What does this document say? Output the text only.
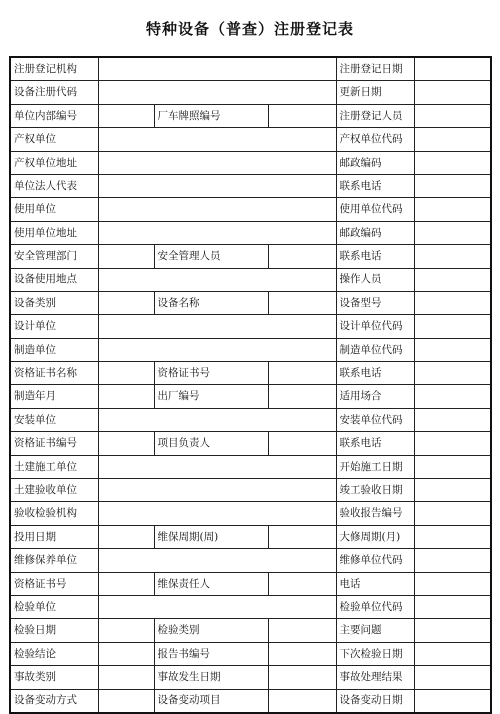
特种设备（普查）注册登记表
注册登记机构				注册登记日期	
设备注册代码				更新日期	
单位内部编号		厂车牌照编号		注册登记人员	
产权单位				产权单位代码	
产权单位地址				邮政编码	
单位法人代表				联系电话	
使用单位				使用单位代码	
使用单位地址				邮政编码	
安全管理部门		安全管理人员		联系电话	
设备使用地点				操作人员	
设备类别		设备名称		设备型号	
设计单位				设计单位代码	
制造单位				制造单位代码	
资格证书名称		资格证书号		联系电话	
制造年月		出厂编号		适用场合	
安装单位				安装单位代码	
资格证书编号		项目负责人		联系电话	
土建施工单位				开始施工日期	
土建验收单位				竣工验收日期	
验收检验机构				验收报告编号	
投用日期		维保周期(周)		大修周期(月)	
维修保养单位				维修单位代码	
资格证书号		维保责任人		电话	
检验单位				检验单位代码	
检验日期		检验类别		主要问题	
检验结论		报告书编号		下次检验日期	
事故类别		事故发生日期		事故处理结果	
设备变动方式		设备变动项目		设备变动日期	
